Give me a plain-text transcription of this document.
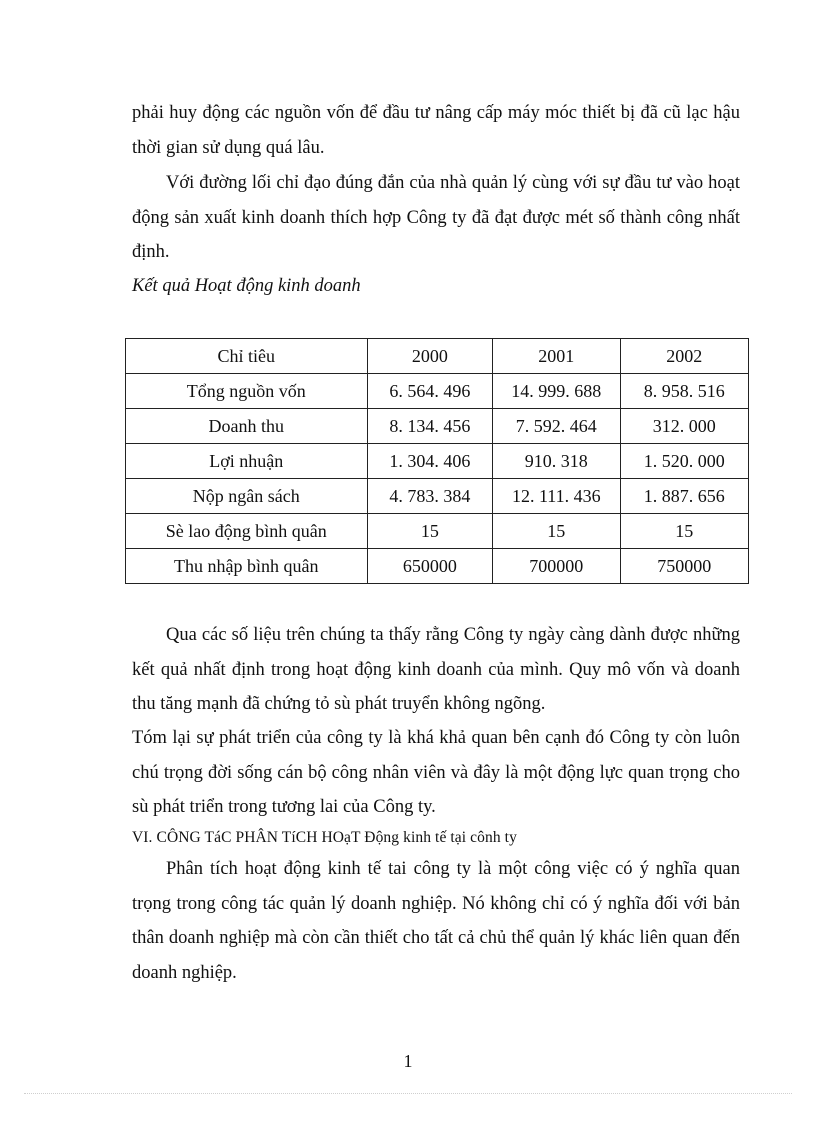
phải huy động các nguồn vốn để đầu tư nâng cấp máy móc thiết bị đã cũ lạc hậu thời gian sử dụng quá lâu.

Với đường lối chỉ đạo đúng đắn của nhà quản lý cùng với sự đầu tư vào hoạt động sản xuất kinh doanh thích hợp Công ty đã đạt được mét số thành công nhất định.

Kết quả Hoạt động kinh doanh

Chỉ tiêu	2000	2001	2002
Tổng nguồn vốn	6. 564. 496	14. 999. 688	8. 958. 516
Doanh thu	8. 134. 456	7. 592. 464	312. 000
Lợi nhuận	1. 304. 406	910. 318	1. 520. 000
Nộp ngân sách	4. 783. 384	12. 111. 436	1. 887. 656
Sè lao động bình quân	15	15	15
Thu nhập bình quân	650000	700000	750000

Qua các số liệu trên chúng ta thấy rằng Công ty ngày càng dành được những kết quả nhất định trong hoạt động kinh doanh của mình. Quy mô vốn và doanh thu tăng mạnh đã chứng tỏ sù phát truyển không ngõng.

Tóm lại sự phát triển của công ty là khá khả quan bên cạnh đó Công ty còn luôn chú trọng đời sống cán bộ công nhân viên và đây là một động lực quan trọng cho sù phát triển trong tương lai của Công ty.

VI. CÔNG TáC PHÂN TíCH HOạT Động kinh tế tại cônh ty

Phân tích hoạt động kinh tế tai công ty là một công việc có ý nghĩa quan trọng trong công tác quản lý doanh nghiệp. Nó không chỉ có ý nghĩa đối với bản thân doanh nghiệp mà còn cần thiết cho tất cả chủ thể quản lý khác liên quan đến doanh nghiệp.

1
